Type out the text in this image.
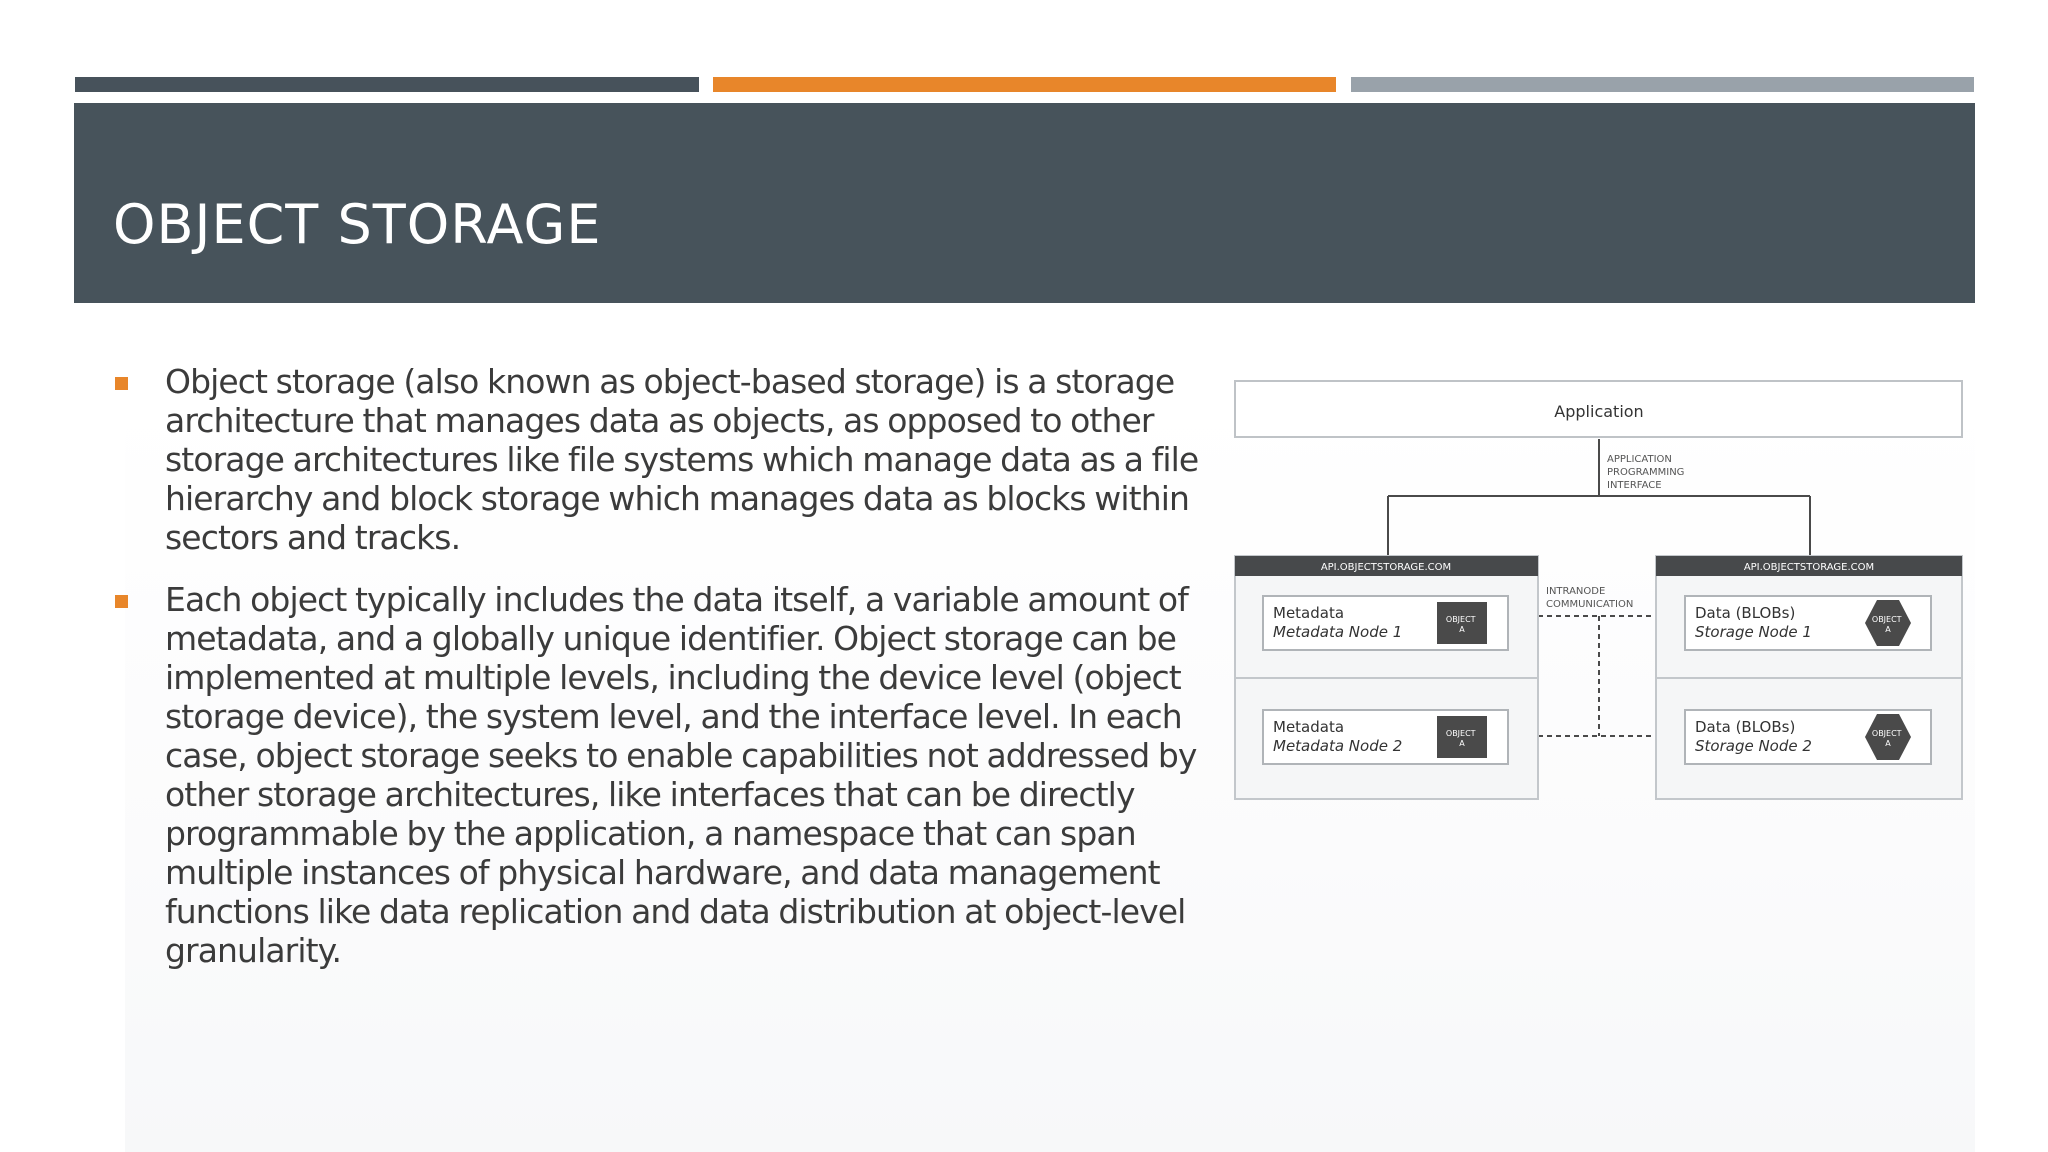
OBJECT STORAGE
Object storage (also known as object-based storage) is a storage architecture that manages data as objects, as opposed to other storage architectures like file systems which manage data as a file hierarchy and block storage which manages data as blocks within sectors and tracks.
Each object typically includes the data itself, a variable amount of metadata, and a globally unique identifier. Object storage can be implemented at multiple levels, including the device level (object storage device), the system level, and the interface level. In each case, object storage seeks to enable capabilities not addressed by other storage architectures, like interfaces that can be directly programmable by the application, a namespace that can span multiple instances of physical hardware, and data management functions like data replication and data distribution at object-level granularity.
Application
APPLICATION PROGRAMMING INTERFACE
INTRANODE COMMUNICATION
API.OBJECTSTORAGE.COM
Metadata
Metadata Node 1
OBJECT A
Metadata
Metadata Node 2
OBJECT A
API.OBJECTSTORAGE.COM
Data (BLOBs)
Storage Node 1
OBJECT A
Data (BLOBs)
Storage Node 2
OBJECT A
